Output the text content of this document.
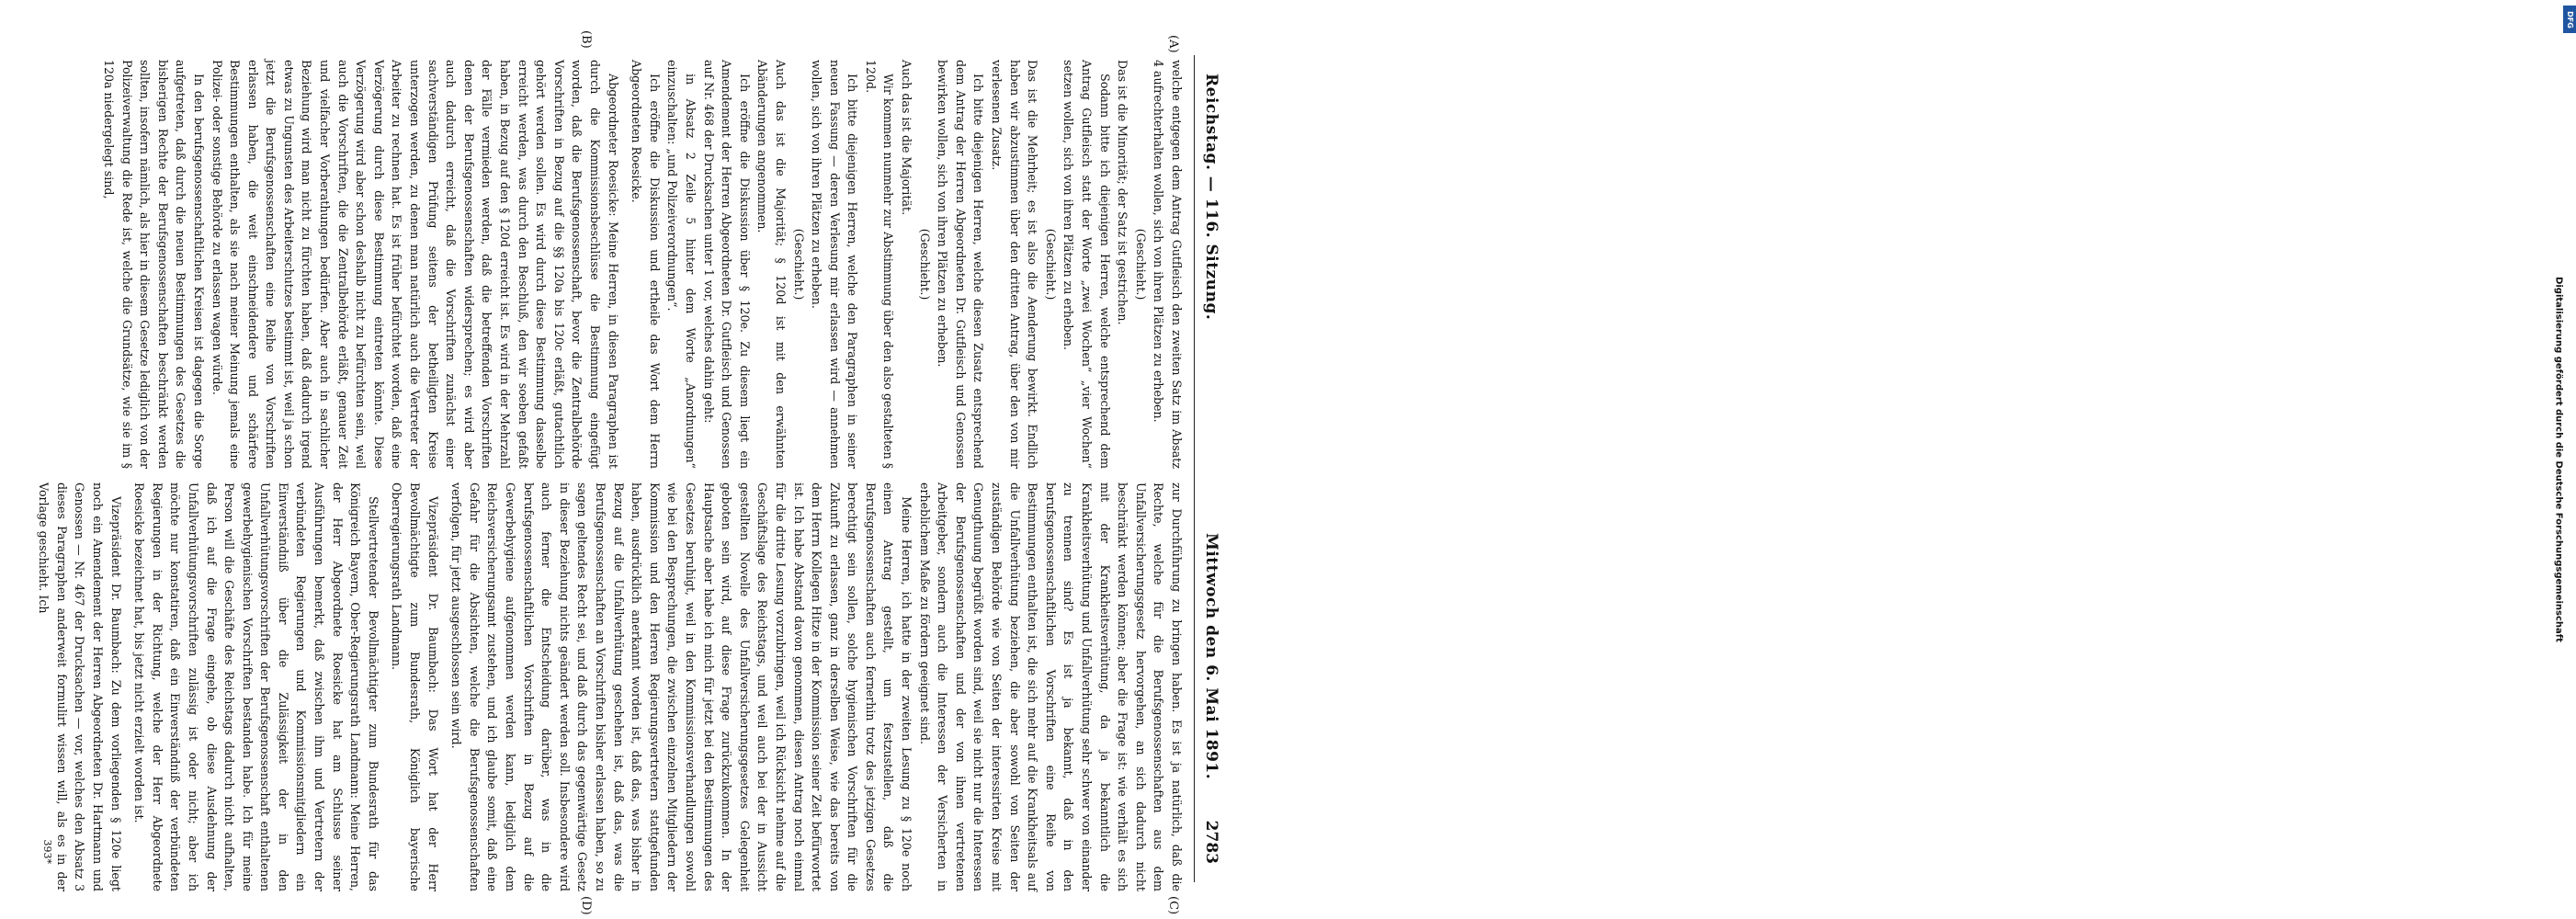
Reichstag. — 116. Sitzung.
Mittwoch den 6. Mai 1891.
2783
(A)
(B)
(C)
(D)

welche entgegen dem Antrag Gutfleisch den zweiten Satz im Absatz 4 aufrechterhalten wollen, sich von ihren Plätzen zu erheben.

(Geschieht.)

Das ist die Minorität; der Satz ist gestrichen.

Sodann bitte ich diejenigen Herren, welche entsprechend dem Antrag Gutfleisch statt der Worte „zwei Wochen“ „vier Wochen“ setzen wollen, sich von ihren Plätzen zu erheben.

(Geschieht.)

Das ist die Mehrheit; es ist also die Aenderung bewirkt. Endlich haben wir abzustimmen über den dritten Antrag, über den von mir verlesenen Zusatz.

Ich bitte diejenigen Herren, welche diesen Zusatz entsprechend dem Antrag der Herren Abgeordneten Dr. Gutfleisch und Genossen bewirken wollen, sich von ihren Plätzen zu erheben.

(Geschieht.)

Auch das ist die Majorität.

Wir kommen nunmehr zur Abstimmung über den also gestalteten § 120d.

Ich bitte diejenigen Herren, welche den Paragraphen in seiner neuen Fassung — deren Verlesung mir erlassen wird — annehmen wollen, sich von ihren Plätzen zu erheben.

(Geschieht.)

Auch das ist die Majorität; § 120d ist mit den erwähnten Abänderungen angenommen.

Ich eröffne die Diskussion über § 120e. Zu diesem liegt ein Amendement der Herren Abgeordneten Dr. Gutfleisch und Genossen auf Nr. 468 der Drucksachen unter 1 vor, welches dahin geht:

in Absatz 2 Zeile 5 hinter dem Worte „Anordnungen“ einzuschalten: „und Polizeiverordnungen“.

Ich eröffne die Diskussion und ertheile das Wort dem Herrn Abgeordneten Roesicke.

Abgeordneter Roesicke: Meine Herren, in diesen Paragraphen ist durch die Kommissionsbeschlüsse die Bestimmung eingefügt worden, daß die Berufsgenossenschaft, bevor die Zentralbehörde Vorschriften in Bezug auf die §§ 120a bis 120c erläßt, gutachtlich gehört werden sollen. Es wird durch diese Bestimmung dasselbe erreicht werden, was durch den Beschluß, den wir soeben gefaßt haben, in Bezug auf den § 120d erreicht ist. Es wird in der Mehrzahl der Fälle vermieden werden, daß die betreffenden Vorschriften denen der Berufsgenossenschaften widersprechen; es wird aber auch dadurch erreicht, daß die Vorschriften zunächst einer sachverständigen Prüfung seitens der betheiligten Kreise unterzogen werden, zu denen man natürlich auch die Vertreter der Arbeiter zu rechnen hat. Es ist früher befürchtet worden, daß eine Verzögerung durch diese Bestimmung eintreten könnte. Diese Verzögerung wird aber schon deshalb nicht zu befürchten sein, weil auch die Vorschriften, die die Zentralbehörde erläßt, genauer Zeit und vielfacher Vorberathungen bedürfen. Aber auch in sachlicher Beziehung wird man nicht zu fürchten haben, daß dadurch irgend etwas zu Ungunsten des Arbeiterschutzes bestimmt ist, weil ja schon jetzt die Berufsgenossenschaften eine Reihe von Vorschriften erlassen haben, die weit einschneidendere und schärfere Bestimmungen enthalten, als sie nach meiner Meinung jemals eine Polizei- oder sonstige Behörde zu erlassen wagen würde.

In den berufsgenossenschaftlichen Kreisen ist dagegen die Sorge aufgetreten, daß durch die neuen Bestimmungen des Gesetzes die bisherigen Rechte der Berufsgenossenschaften beschränkt werden sollten, insofern nämlich, als hier in diesem Gesetze lediglich von der Polizeiverwaltung die Rede ist, welche die Grundsätze, wie sie im § 120a niedergelegt sind,

zur Durchführung zu bringen haben. Es ist ja natürlich, daß die Rechte, welche für die Berufsgenossenschaften aus dem Unfallversicherungsgesetz hervorgehen, an sich dadurch nicht beschränkt werden können; aber die Frage ist: wie verhält es sich mit der Krankheitsverhütung, da ja bekanntlich die Krankheitsverhütung und Unfallverhütung sehr schwer von einander zu trennen sind? Es ist ja bekannt, daß in den berufsgenossenschaftlichen Vorschriften eine Reihe von Bestimmungen enthalten ist, die sich mehr auf die Krankheitsals auf die Unfallverhütung beziehen, die aber sowohl von Seiten der zuständigen Behörde wie von Seiten der interessirten Kreise mit Genugthuung begrüßt worden sind, weil sie nicht nur die Interessen der Berufsgenossenschaften und der von ihnen vertretenen Arbeitgeber, sondern auch die Interessen der Versicherten in erheblichem Maße zu fördern geeignet sind.

Meine Herren, ich hatte in der zweiten Lesung zu § 120e noch einen Antrag gestellt, um festzustellen, daß die Berufsgenossenschaften auch fernerhin trotz des jetzigen Gesetzes berechtigt sein sollen, solche hygienischen Vorschriften für die Zukunft zu erlassen, ganz in derselben Weise, wie das bereits von dem Herrn Kollegen Hitze in der Kommission seiner Zeit befürwortet ist. Ich habe Abstand davon genommen, diesen Antrag noch einmal für die dritte Lesung vorzubringen, weil ich Rücksicht nehme auf die Geschäftslage des Reichstags, und weil auch bei der in Aussicht gestellten Novelle des Unfallversicherungsgesetzes Gelegenheit geboten sein wird, auf diese Frage zurückzukommen. In der Hauptsache aber habe ich mich für jetzt bei den Bestimmungen des Gesetzes beruhigt, weil in den Kommissionsverhandlungen sowohl wie bei den Besprechungen, die zwischen einzelnen Mitgliedern der Kommission und den Herren Regierungsvertretern stattgefunden haben, ausdrücklich anerkannt worden ist, daß das, was bisher in Bezug auf die Unfallverhütung geschehen ist, daß das, was die Berufsgenossenschaften an Vorschriften bisher erlassen haben, so zu sagen geltendes Recht sei, und daß durch das gegenwärtige Gesetz in dieser Beziehung nichts geändert werden soll. Insbesondere wird auch ferner die Entscheidung darüber, was in die berufsgenossenschaftlichen Vorschriften in Bezug auf die Gewerbehygiene aufgenommen werden kann, lediglich dem Reichsversicherungsamt zustehen, und ich glaube somit, daß eine Gefahr für die Absichten, welche die Berufsgenossenschaften verfolgen, für jetzt ausgeschlossen sein wird.

Vizepräsident Dr. Baumbach: Das Wort hat der Herr Bevollmächtigte zum Bundesrath, Königlich bayerische Oberregierungsrath Landmann.

Stellvertretender Bevollmächtigter zum Bundesrath für das Königreich Bayern, Ober-Regierungsrath Landmann: Meine Herren, der Herr Abgeordnete Roesicke hat am Schlusse seiner Ausführungen bemerkt, daß zwischen ihm und Vertretern der verbündeten Regierungen und Kommissionsmitgliedern ein Einverständniß über die Zulässigkeit der in den Unfallverhütungsvorschriften der Berufsgenossenschaft enthaltenen gewerbehygienischen Vorschriften bestanden habe. Ich für meine Person will die Geschäfte des Reichstags dadurch nicht aufhalten, daß ich auf die Frage eingehe, ob diese Ausdehnung der Unfallverhütungsvorschriften zulässig ist oder nicht; aber ich möchte nur konstatiren, daß ein Einverständniß der verbündeten Regierungen in der Richtung, welche der Herr Abgeordnete Roesicke bezeichnet hat, bis jetzt nicht erzielt worden ist.

Vizepräsident Dr. Baumbach: Zu dem vorliegenden § 120e liegt noch ein Amendement der Herren Abgeordneten Dr. Hartmann und Genossen — Nr. 467 der Drucksachen — vor, welches den Absatz 3 dieses Paragraphen anderweit formulirt wissen will, als es in der Vorlage geschieht. Ich

393*
DFG
Digitalisierung gefördert durch die Deutsche Forschungsgemeinschaft
